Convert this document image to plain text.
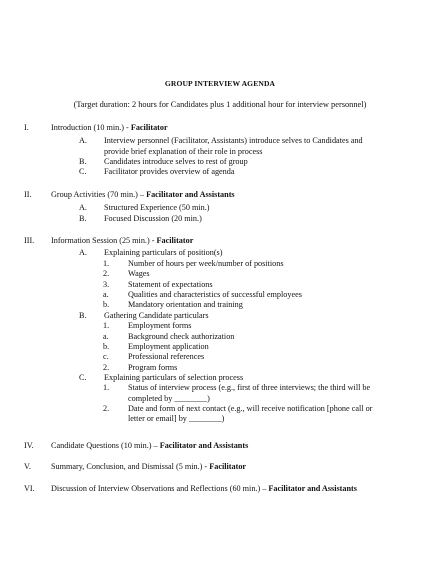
GROUP INTERVIEW AGENDA
(Target duration: 2 hours for Candidates plus 1 additional hour for interview personnel)
I.	Introduction (10 min.) - Facilitator
A. Interview personnel (Facilitator, Assistants) introduce selves to Candidates and provide brief explanation of their role in process
B. Candidates introduce selves to rest of group
C. Facilitator provides overview of agenda
II. Group Activities (70 min.) – Facilitator and Assistants
A. Structured Experience (50 min.)
B. Focused Discussion (20 min.)
III. Information Session (25 min.) - Facilitator
A. Explaining particulars of position(s)
1. Number of hours per week/number of positions
2. Wages
3. Statement of expectations
a. Qualities and characteristics of successful employees
b. Mandatory orientation and training
B. Gathering Candidate particulars
1. Employment forms
a. Background check authorization
b. Employment application
c. Professional references
2. Program forms
C. Explaining particulars of selection process
1. Status of interview process (e.g., first of three interviews; the third will be completed by ________)
2. Date and form of next contact (e.g., will receive notification [phone call or letter or email] by ________)
IV. Candidate Questions (10 min.) – Facilitator and Assistants
V. Summary, Conclusion, and Dismissal (5 min.) - Facilitator
VI. Discussion of Interview Observations and Reflections (60 min.) – Facilitator and Assistants
